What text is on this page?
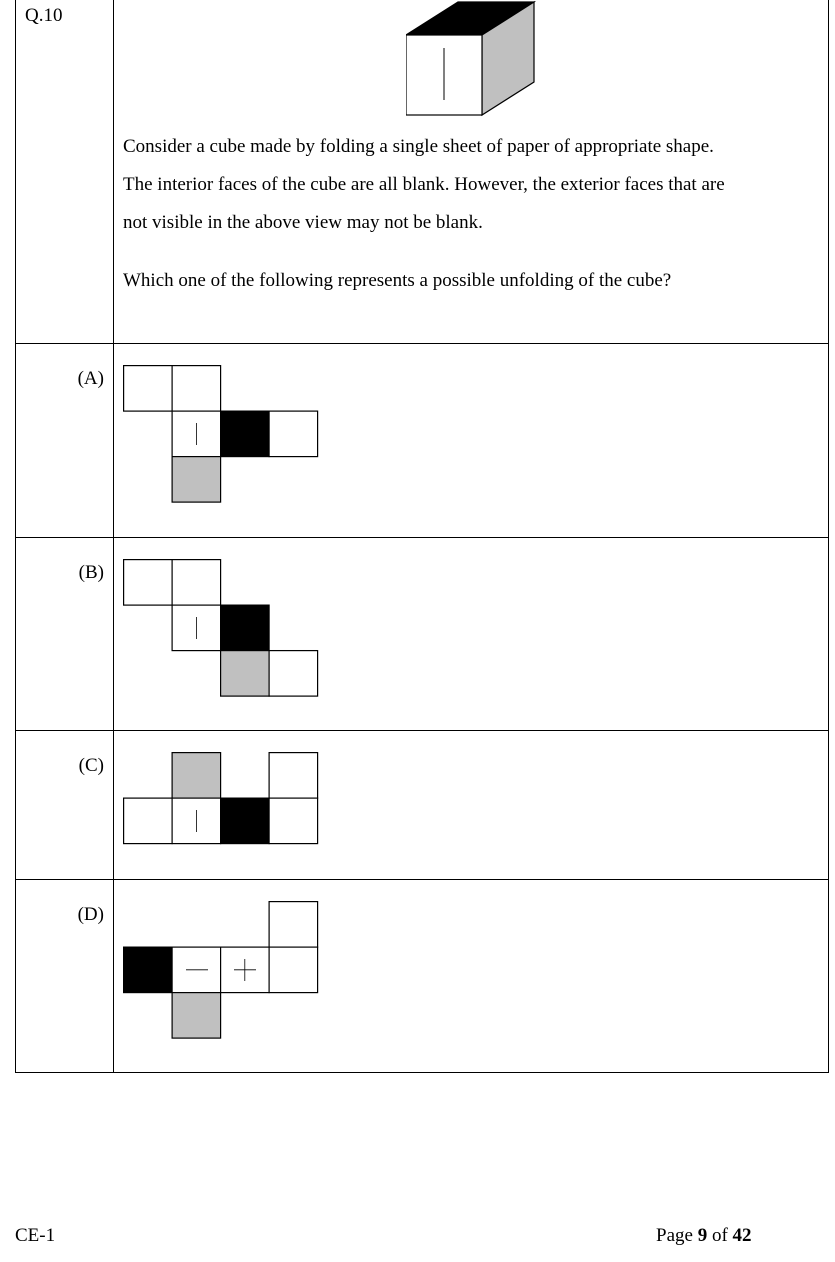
Q.10	Consider a cube made by folding a single sheet of paper of appropriate shape.

The interior faces of the cube are all blank. However, the exterior faces that are

not visible in the above view may not be blank.

Which one of the following represents a possible unfolding of the cube?

(A)

(B)

(C)

(D)

CE-1	Page 9 of 42
